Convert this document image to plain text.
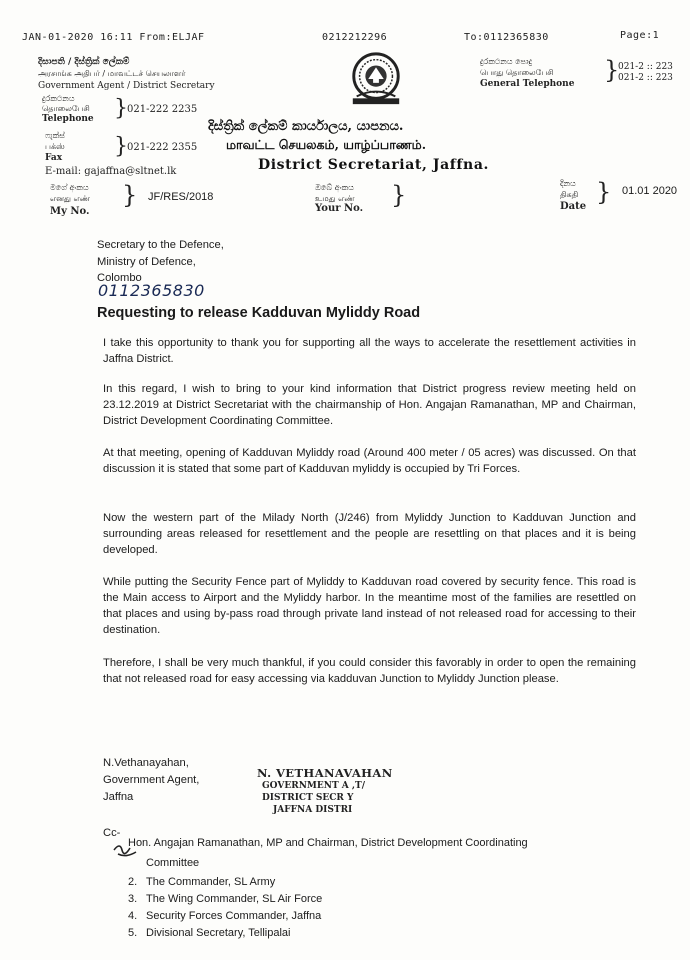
JAN-01-2020 16:11 From:ELJAF	0212212296	To:0112365830	Page:1
දිසාපති / දිස්ත්‍රික් ලේකම්
அரசாங்க அதிபர் / மாவட்டச் செயலாளர்
Government Agent / District Secretary
දුරකථනය
தொலைபேசி
Telephone } 021-222 2235
ෆැක්ස්
பக்ஸ்
Fax } 021-222 2355
E-mail: gajaffna@sltnet.lk
දුරකථනය පොදු
பொது தொலைபேசி
General Telephone }
021-2 :: 223
021-2 :: 223
දිස්ත්‍රික් ලේකම් කාර්යාලය, යාපනය.
மாவட்ட செயலகம், யாழ்ப்பாணம்.
District Secretariat, Jaffna.
මගේ අංකය
எனது எண்
My No.
} JF/RES/2018
ඔබේ අංකය
உமது எண்
Your No. }	දිනය
திகதி
Date
} 01.01 2020
Secretary to the Defence,
Ministry of Defence,
Colombo
0112365830
Requesting to release Kadduvan Myliddy Road
I take this opportunity to thank you for supporting all the ways to accelerate the resettlement activities in Jaffna District.
In this regard, I wish to bring to your kind information that District progress review meeting held on 23.12.2019 at District Secretariat with the chairmanship of Hon. Angajan Ramanathan, MP and Chairman, District Development Coordinating Committee.
At that meeting, opening of Kadduvan Myliddy road (Around 400 meter / 05 acres) was discussed. On that discussion it is stated that some part of Kadduvan myliddy is occupied by Tri Forces.
Now the western part of the Milady North (J/246) from Myliddy Junction to Kadduvan Junction and surrounding areas released for resettlement and the people are resettling on that places and it is being developed.
While putting the Security Fence part of Myliddy to Kadduvan road covered by security fence. This road is the Main access to Airport and the Myliddy harbor. In the meantime most of the families are resettled on that places and using by-pass road through private land instead of not released road for accessing to their destination.
Therefore, I shall be very much thankful, if you could consider this favorably in order to open the remaining that not released road for easy accessing via kadduvan Junction to Myliddy Junction please.
N.Vethanayahan,
Government Agent,
Jaffna
N. VETHANAVAHAN
GOVERNMENT A ,T/
DISTRICT SECR Y
JAFFNA DISTRI
Cc-
Hon. Angajan Ramanathan, MP and Chairman, District Development Coordinating
Committee
2. The Commander, SL Army
3. The Wing Commander, SL Air Force
4. Security Forces Commander, Jaffna
5. Divisional Secretary, Tellipalai
